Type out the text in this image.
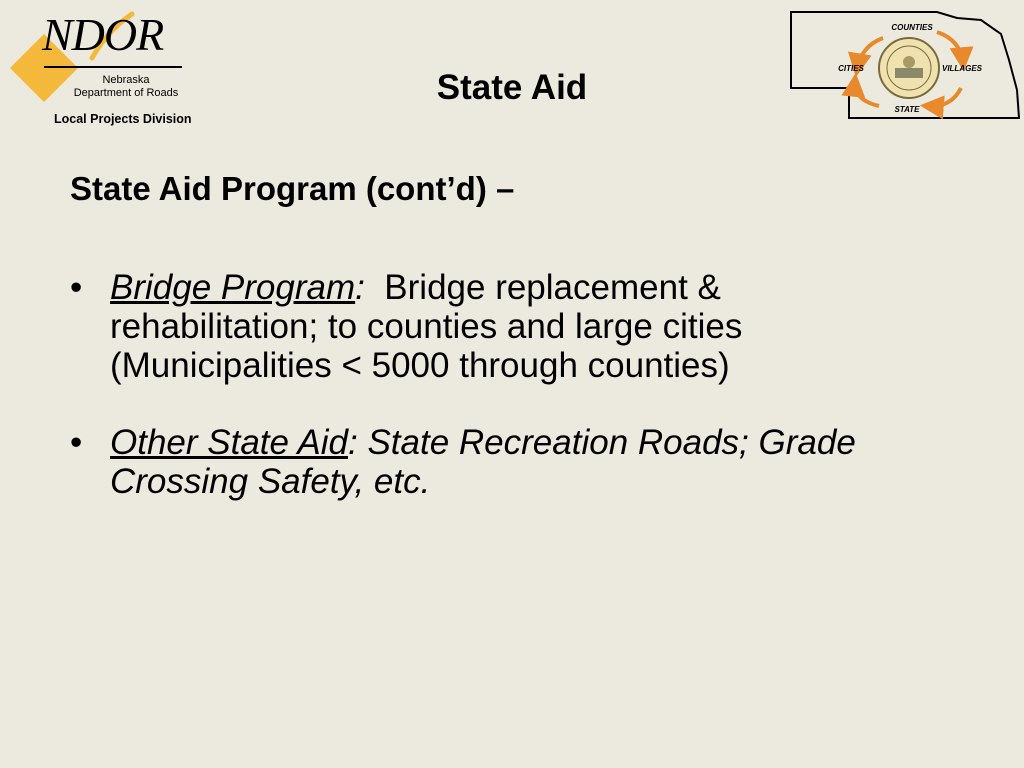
NDOR
Nebraska
Department of Roads
Local Projects Division
State Aid
COUNTIES
CITIES	VILLAGES
STATE
State Aid Program (cont’d) –
• Bridge Program:  Bridge replacement & rehabilitation; to counties and large cities (Municipalities < 5000 through counties)
• Other State Aid: State Recreation Roads; Grade Crossing Safety, etc.
